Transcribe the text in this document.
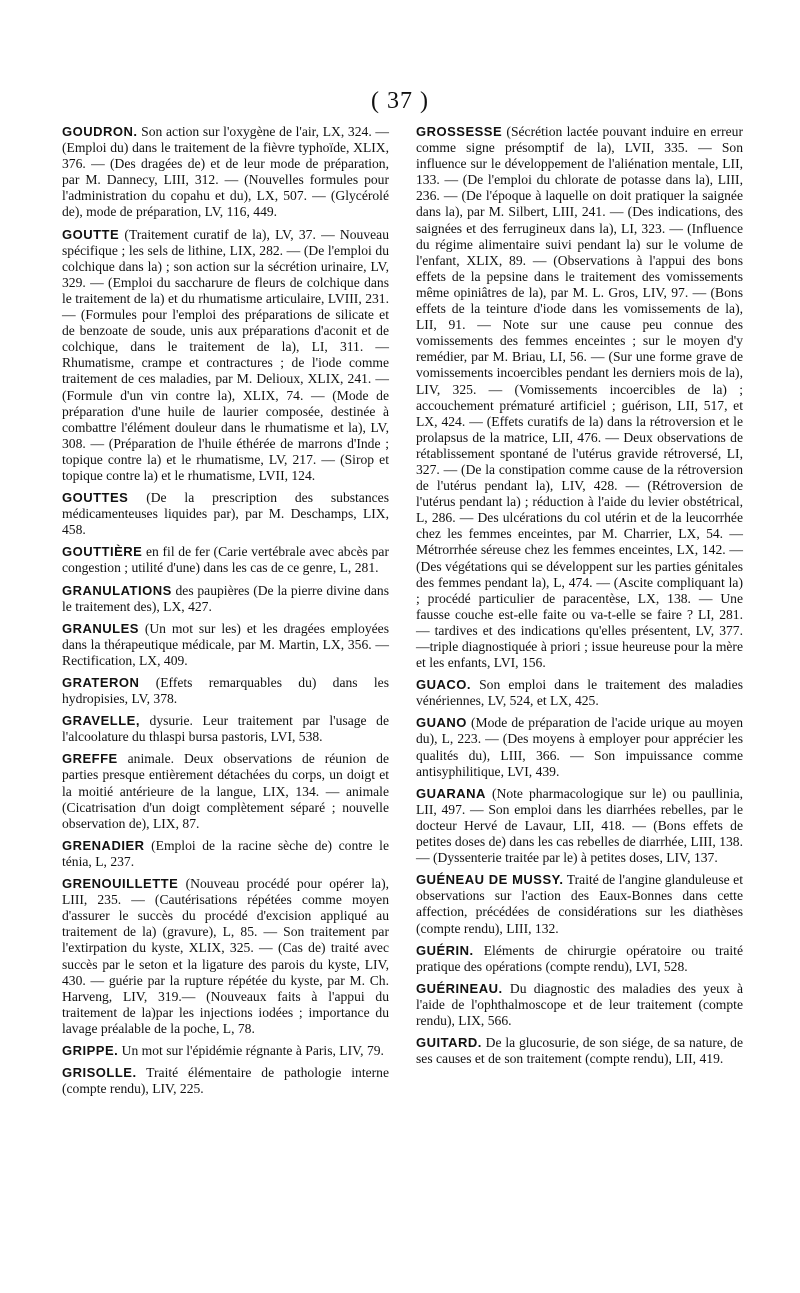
( 37 )

GOUDRON. Son action sur l'oxygène de l'air, LX, 324. — (Emploi du) dans le traitement de la fièvre typhoïde, XLIX, 376. — (Des dragées de) et de leur mode de préparation, par M. Dannecy, LIII, 312. — (Nouvelles formules pour l'administration du copahu et du), LX, 507. — (Glycérolé de), mode de préparation, LV, 116, 449.

GOUTTE (Traitement curatif de la), LV, 37. — Nouveau spécifique ; les sels de lithine, LIX, 282. — (De l'emploi du colchique dans la) ; son action sur la sécrétion urinaire, LV, 329. — (Emploi du saccharure de fleurs de colchique dans le traitement de la) et du rhumatisme articulaire, LVIII, 231. — (Formules pour l'emploi des préparations de silicate et de benzoate de soude, unis aux préparations d'aconit et de colchique, dans le traitement de la), LI, 311. — Rhumatisme, crampe et contractures ; de l'iode comme traitement de ces maladies, par M. Delioux, XLIX, 241. — (Formule d'un vin contre la), XLIX, 74. — (Mode de préparation d'une huile de laurier composée, destinée à combattre l'élément douleur dans le rhumatisme et la), LV, 308. — (Préparation de l'huile éthérée de marrons d'Inde ; topique contre la) et le rhumatisme, LV, 217. — (Sirop et topique contre la) et le rhumatisme, LVII, 124.

GOUTTES (De la prescription des substances médicamenteuses liquides par), par M. Deschamps, LIX, 458.

GOUTTIÈRE en fil de fer (Carie vertébrale avec abcès par congestion ; utilité d'une) dans les cas de ce genre, L, 281.

GRANULATIONS des paupières (De la pierre divine dans le traitement des), LX, 427.

GRANULES (Un mot sur les) et les dragées employées dans la thérapeutique médicale, par M. Martin, LX, 356. — Rectification, LX, 409.

GRATERON (Effets remarquables du) dans les hydropisies, LV, 378.

GRAVELLE, dysurie. Leur traitement par l'usage de l'alcoolature du thlaspi bursa pastoris, LVI, 538.

GREFFE animale. Deux observations de réunion de parties presque entièrement détachées du corps, un doigt et la moitié antérieure de la langue, LIX, 134. — animale (Cicatrisation d'un doigt complètement séparé ; nouvelle observation de), LIX, 87.

GRENADIER (Emploi de la racine sèche de) contre le ténia, L, 237.

GRENOUILLETTE (Nouveau procédé pour opérer la), LIII, 235. — (Cautérisations répétées comme moyen d'assurer le succès du procédé d'excision appliqué au traitement de la) (gravure), L, 85. — Son traitement par l'extirpation du kyste, XLIX, 325. — (Cas de) traité avec succès par le seton et la ligature des parois du kyste, LIV, 430. — guérie par la rupture répétée du kyste, par M. Ch. Harveng, LIV, 319.— (Nouveaux faits à l'appui du traitement de la)par les injections iodées ; importance du lavage préalable de la poche, L, 78.

GRIPPE. Un mot sur l'épidémie régnante à Paris, LIV, 79.

GRISOLLE. Traité élémentaire de pathologie interne (compte rendu), LIV, 225.

GROSSESSE (Sécrétion lactée pouvant induire en erreur comme signe présomptif de la), LVII, 335. — Son influence sur le développement de l'aliénation mentale, LII, 133. — (De l'emploi du chlorate de potasse dans la), LIII, 236. — (De l'époque à laquelle on doit pratiquer la saignée dans la), par M. Silbert, LIII, 241. — (Des indications, des saignées et des ferrugineux dans la), LI, 323. — (Influence du régime alimentaire suivi pendant la) sur le volume de l'enfant, XLIX, 89. — (Observations à l'appui des bons effets de la pepsine dans le traitement des vomissements même opiniâtres de la), par M. L. Gros, LIV, 97. — (Bons effets de la teinture d'iode dans les vomissements de la), LII, 91. — Note sur une cause peu connue des vomissements des femmes enceintes ; sur le moyen d'y remédier, par M. Briau, LI, 56. — (Sur une forme grave de vomissements incoercibles pendant les derniers mois de la), LIV, 325. — (Vomissements incoercibles de la) ; accouchement prématuré artificiel ; guérison, LII, 517, et LX, 424. — (Effets curatifs de la) dans la rétroversion et le prolapsus de la matrice, LII, 476. — Deux observations de rétablissement spontané de l'utérus gravide rétroversé, LI, 327. — (De la constipation comme cause de la rétroversion de l'utérus pendant la), LIV, 428. — (Rétroversion de l'utérus pendant la) ; réduction à l'aide du levier obstétrical, L, 286. — Des ulcérations du col utérin et de la leucorrhée chez les femmes enceintes, par M. Charrier, LX, 54. — Métrorrhée séreuse chez les femmes enceintes, LX, 142. — (Des végétations qui se développent sur les parties génitales des femmes pendant la), L, 474. — (Ascite compliquant la) ; procédé particulier de paracentèse, LX, 138. — Une fausse couche est-elle faite ou va-t-elle se faire ? LI, 281. — tardives et des indications qu'elles présentent, LV, 377.—triple diagnostiquée à priori ; issue heureuse pour la mère et les enfants, LVI, 156.

GUACO. Son emploi dans le traitement des maladies vénériennes, LV, 524, et LX, 425.

GUANO (Mode de préparation de l'acide urique au moyen du), L, 223. — (Des moyens à employer pour apprécier les qualités du), LIII, 366. — Son impuissance comme antisyphilitique, LVI, 439.

GUARANA (Note pharmacologique sur le) ou paullinia, LII, 497. — Son emploi dans les diarrhées rebelles, par le docteur Hervé de Lavaur, LII, 418. — (Bons effets de petites doses de) dans les cas rebelles de diarrhée, LIII, 138. — (Dyssenterie traitée par le) à petites doses, LIV, 137.

GUÉNEAU DE MUSSY. Traité de l'angine glanduleuse et observations sur l'action des Eaux-Bonnes dans cette affection, précédées de considérations sur les diathèses (compte rendu), LIII, 132.

GUÉRIN. Eléments de chirurgie opératoire ou traité pratique des opérations (compte rendu), LVI, 528.

GUÉRINEAU. Du diagnostic des maladies des yeux à l'aide de l'ophthalmoscope et de leur traitement (compte rendu), LIX, 566.

GUITARD. De la glucosurie, de son siége, de sa nature, de ses causes et de son traitement (compte rendu), LII, 419.
